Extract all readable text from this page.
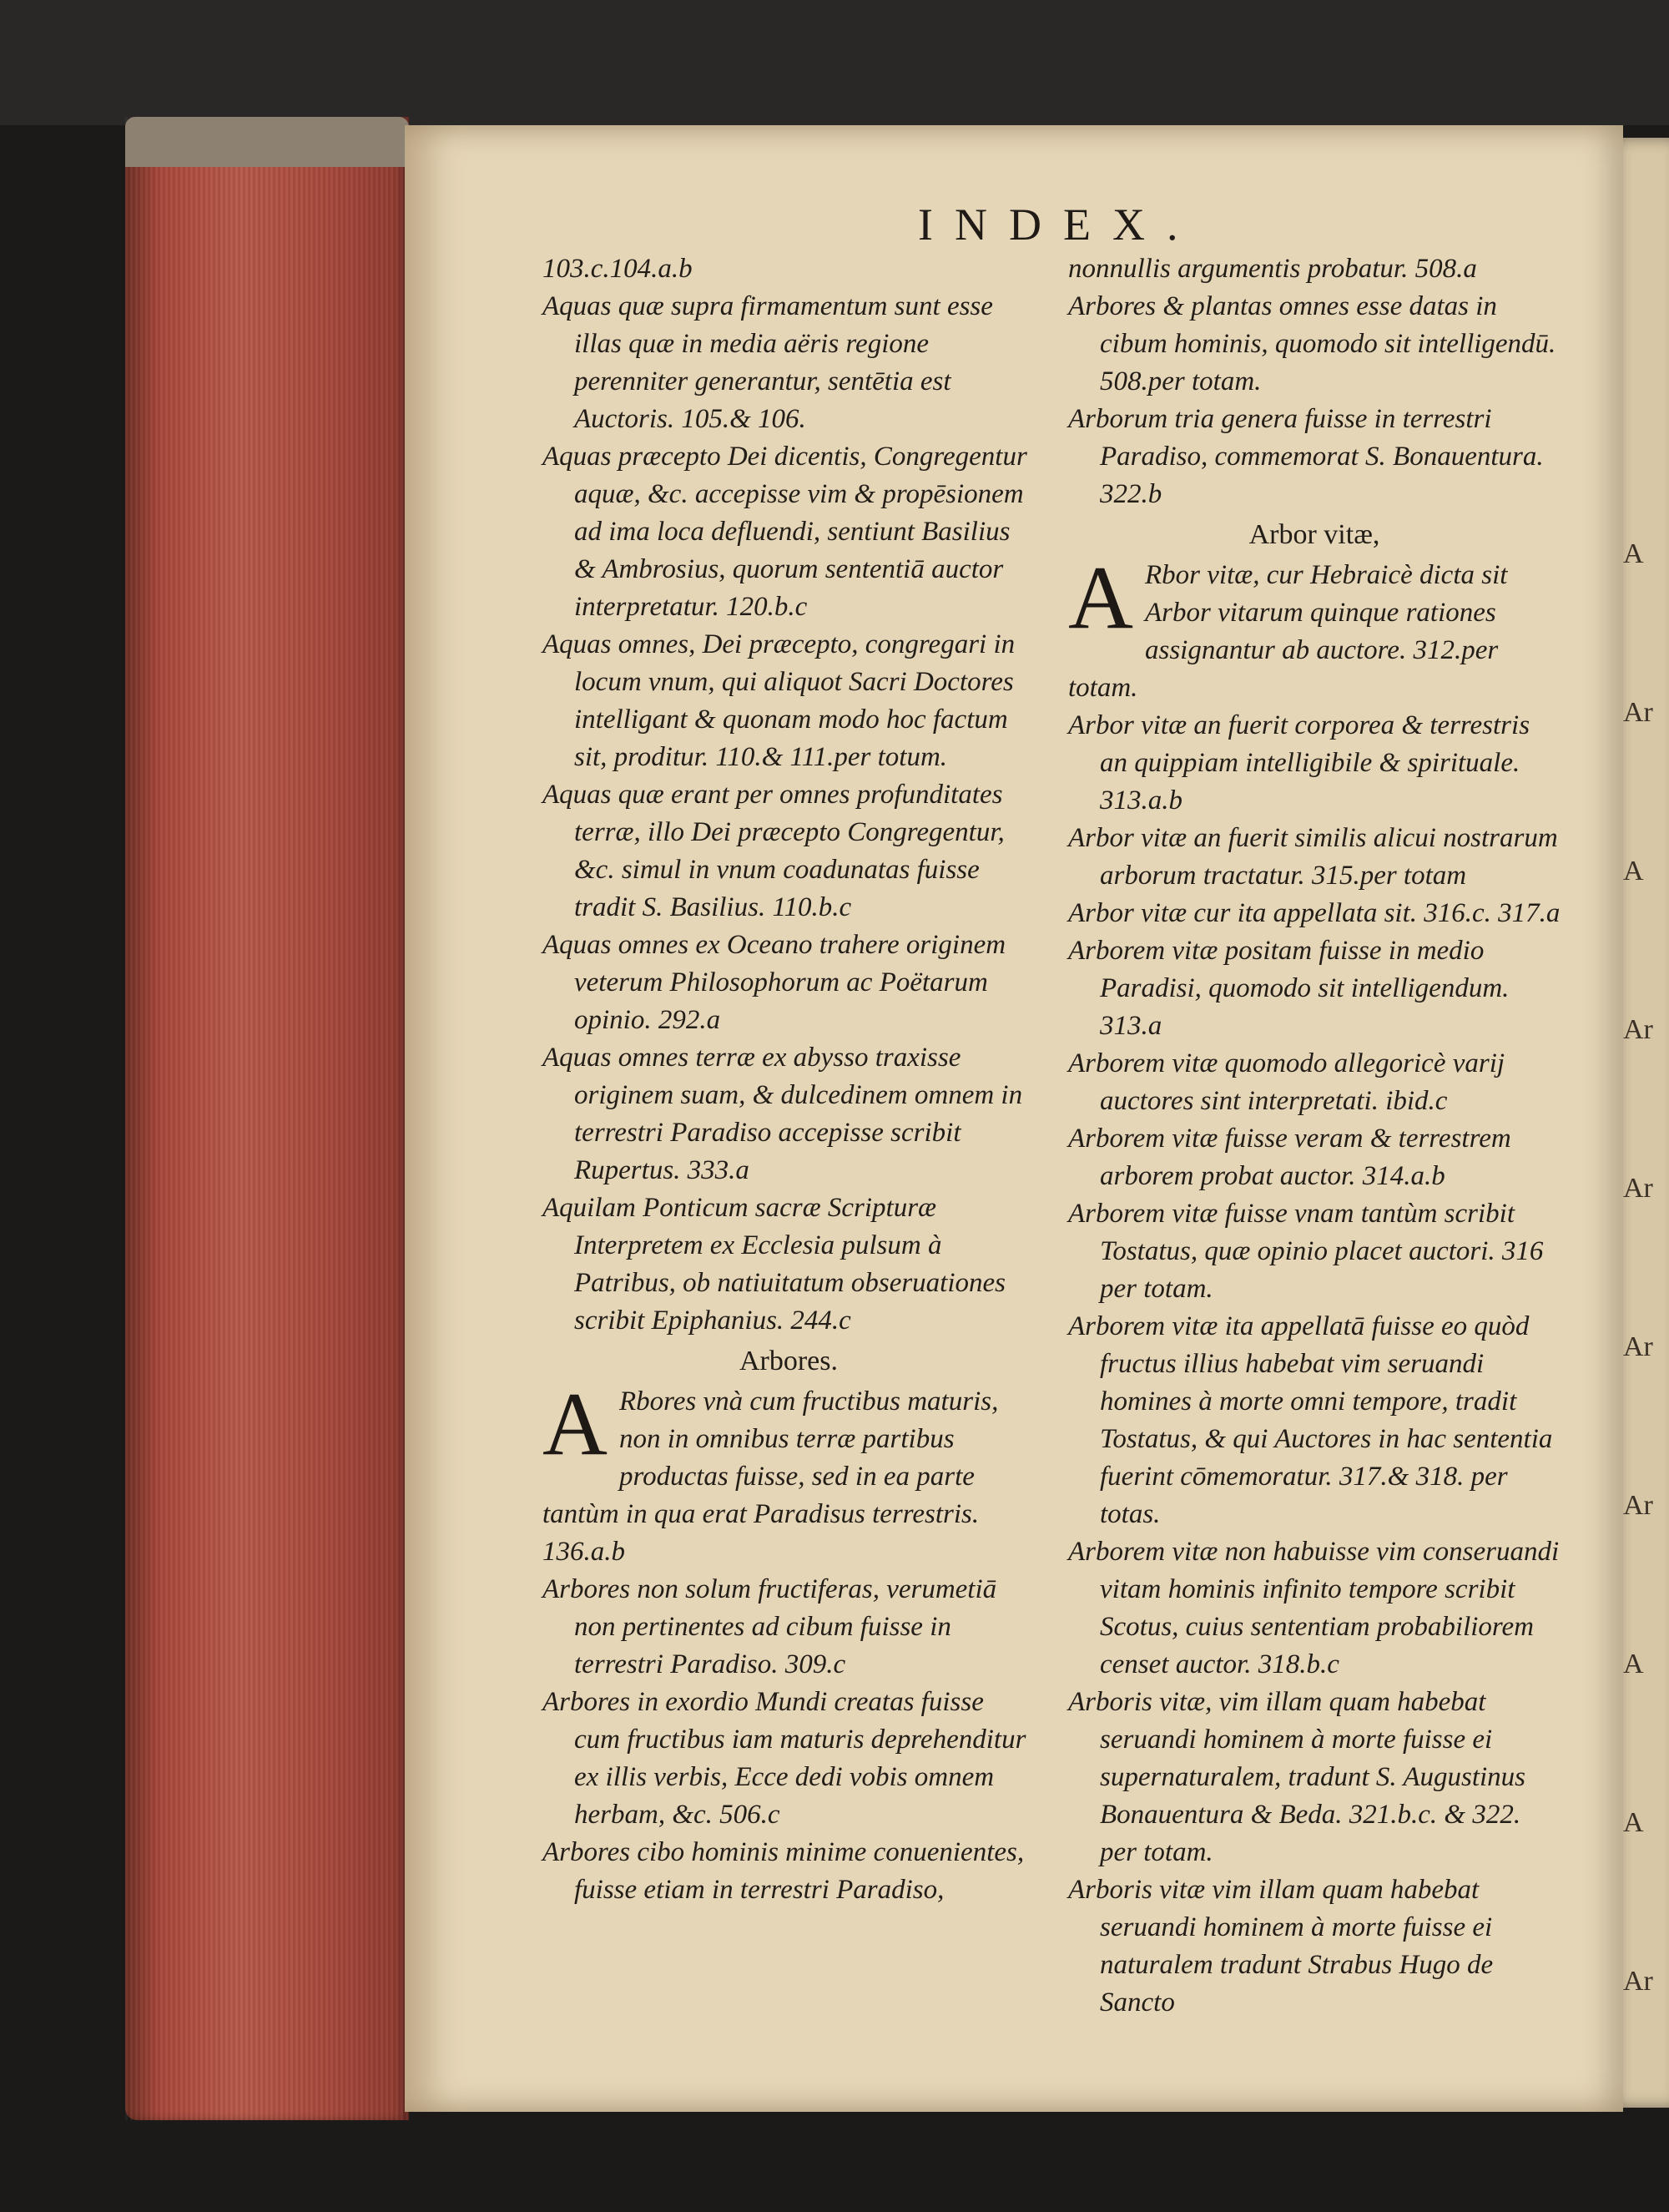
A
Ar
A
Ar
Ar
Ar
Ar
A
A
Ar
INDEX.

103.c.104.a.b

Aquas quæ supra firmamentum sunt esse illas quæ in media aëris regione perenniter generantur, sentētia est Auctoris. 105.& 106.

Aquas præcepto Dei dicentis, Congregentur aquæ, &c. accepisse vim & propēsionem ad ima loca defluendi, sentiunt Basilius & Ambrosius, quorum sententiā auctor interpretatur. 120.b.c

Aquas omnes, Dei præcepto, congregari in locum vnum, qui aliquot Sacri Doctores intelligant & quonam modo hoc factum sit, proditur. 110.& 111.per totum.

Aquas quæ erant per omnes profunditates terræ, illo Dei præcepto Congregentur, &c. simul in vnum coadunatas fuisse tradit S. Basilius. 110.b.c

Aquas omnes ex Oceano trahere originem veterum Philosophorum ac Poëtarum opinio. 292.a

Aquas omnes terræ ex abysso traxisse originem suam, & dulcedinem omnem in terrestri Paradiso accepisse scribit Rupertus. 333.a

Aquilam Ponticum sacræ Scripturæ Interpretem ex Ecclesia pulsum à Patribus, ob natiuitatum obseruationes scribit Epiphanius. 244.c

Arbores.

A Rbores vnà cum fructibus maturis, non in omnibus terræ partibus productas fuisse, sed in ea parte tantùm in qua erat Paradisus terrestris. 136.a.b

Arbores non solum fructiferas, verumetiā non pertinentes ad cibum fuisse in terrestri Paradiso. 309.c

Arbores in exordio Mundi creatas fuisse cum fructibus iam maturis deprehenditur ex illis verbis, Ecce dedi vobis omnem herbam, &c. 506.c

Arbores cibo hominis minime conuenientes, fuisse etiam in terrestri Paradiso,

nonnullis argumentis probatur. 508.a

Arbores & plantas omnes esse datas in cibum hominis, quomodo sit intelligendū. 508.per totam.

Arborum tria genera fuisse in terrestri Paradiso, commemorat S. Bonauentura. 322.b

Arbor vitæ,

A Rbor vitæ, cur Hebraicè dicta sit Arbor vitarum quinque rationes assignantur ab auctore. 312.per totam.

Arbor vitæ an fuerit corporea & terrestris an quippiam intelligibile & spirituale. 313.a.b

Arbor vitæ an fuerit similis alicui nostrarum arborum tractatur. 315.per totam

Arbor vitæ cur ita appellata sit. 316.c. 317.a

Arborem vitæ positam fuisse in medio Paradisi, quomodo sit intelligendum. 313.a

Arborem vitæ quomodo allegoricè varij auctores sint interpretati. ibid.c

Arborem vitæ fuisse veram & terrestrem arborem probat auctor. 314.a.b

Arborem vitæ fuisse vnam tantùm scribit Tostatus, quæ opinio placet auctori. 316 per totam.

Arborem vitæ ita appellatā fuisse eo quòd fructus illius habebat vim seruandi homines à morte omni tempore, tradit Tostatus, & qui Auctores in hac sententia fuerint cōmemoratur. 317.& 318. per totas.

Arborem vitæ non habuisse vim conseruandi vitam hominis infinito tempore scribit Scotus, cuius sententiam probabiliorem censet auctor. 318.b.c

Arboris vitæ, vim illam quam habebat seruandi hominem à morte fuisse ei supernaturalem, tradunt S. Augustinus Bonauentura & Beda. 321.b.c. & 322. per totam.

Arboris vitæ vim illam quam habebat seruandi hominem à morte fuisse ei naturalem tradunt Strabus Hugo de Sancto
